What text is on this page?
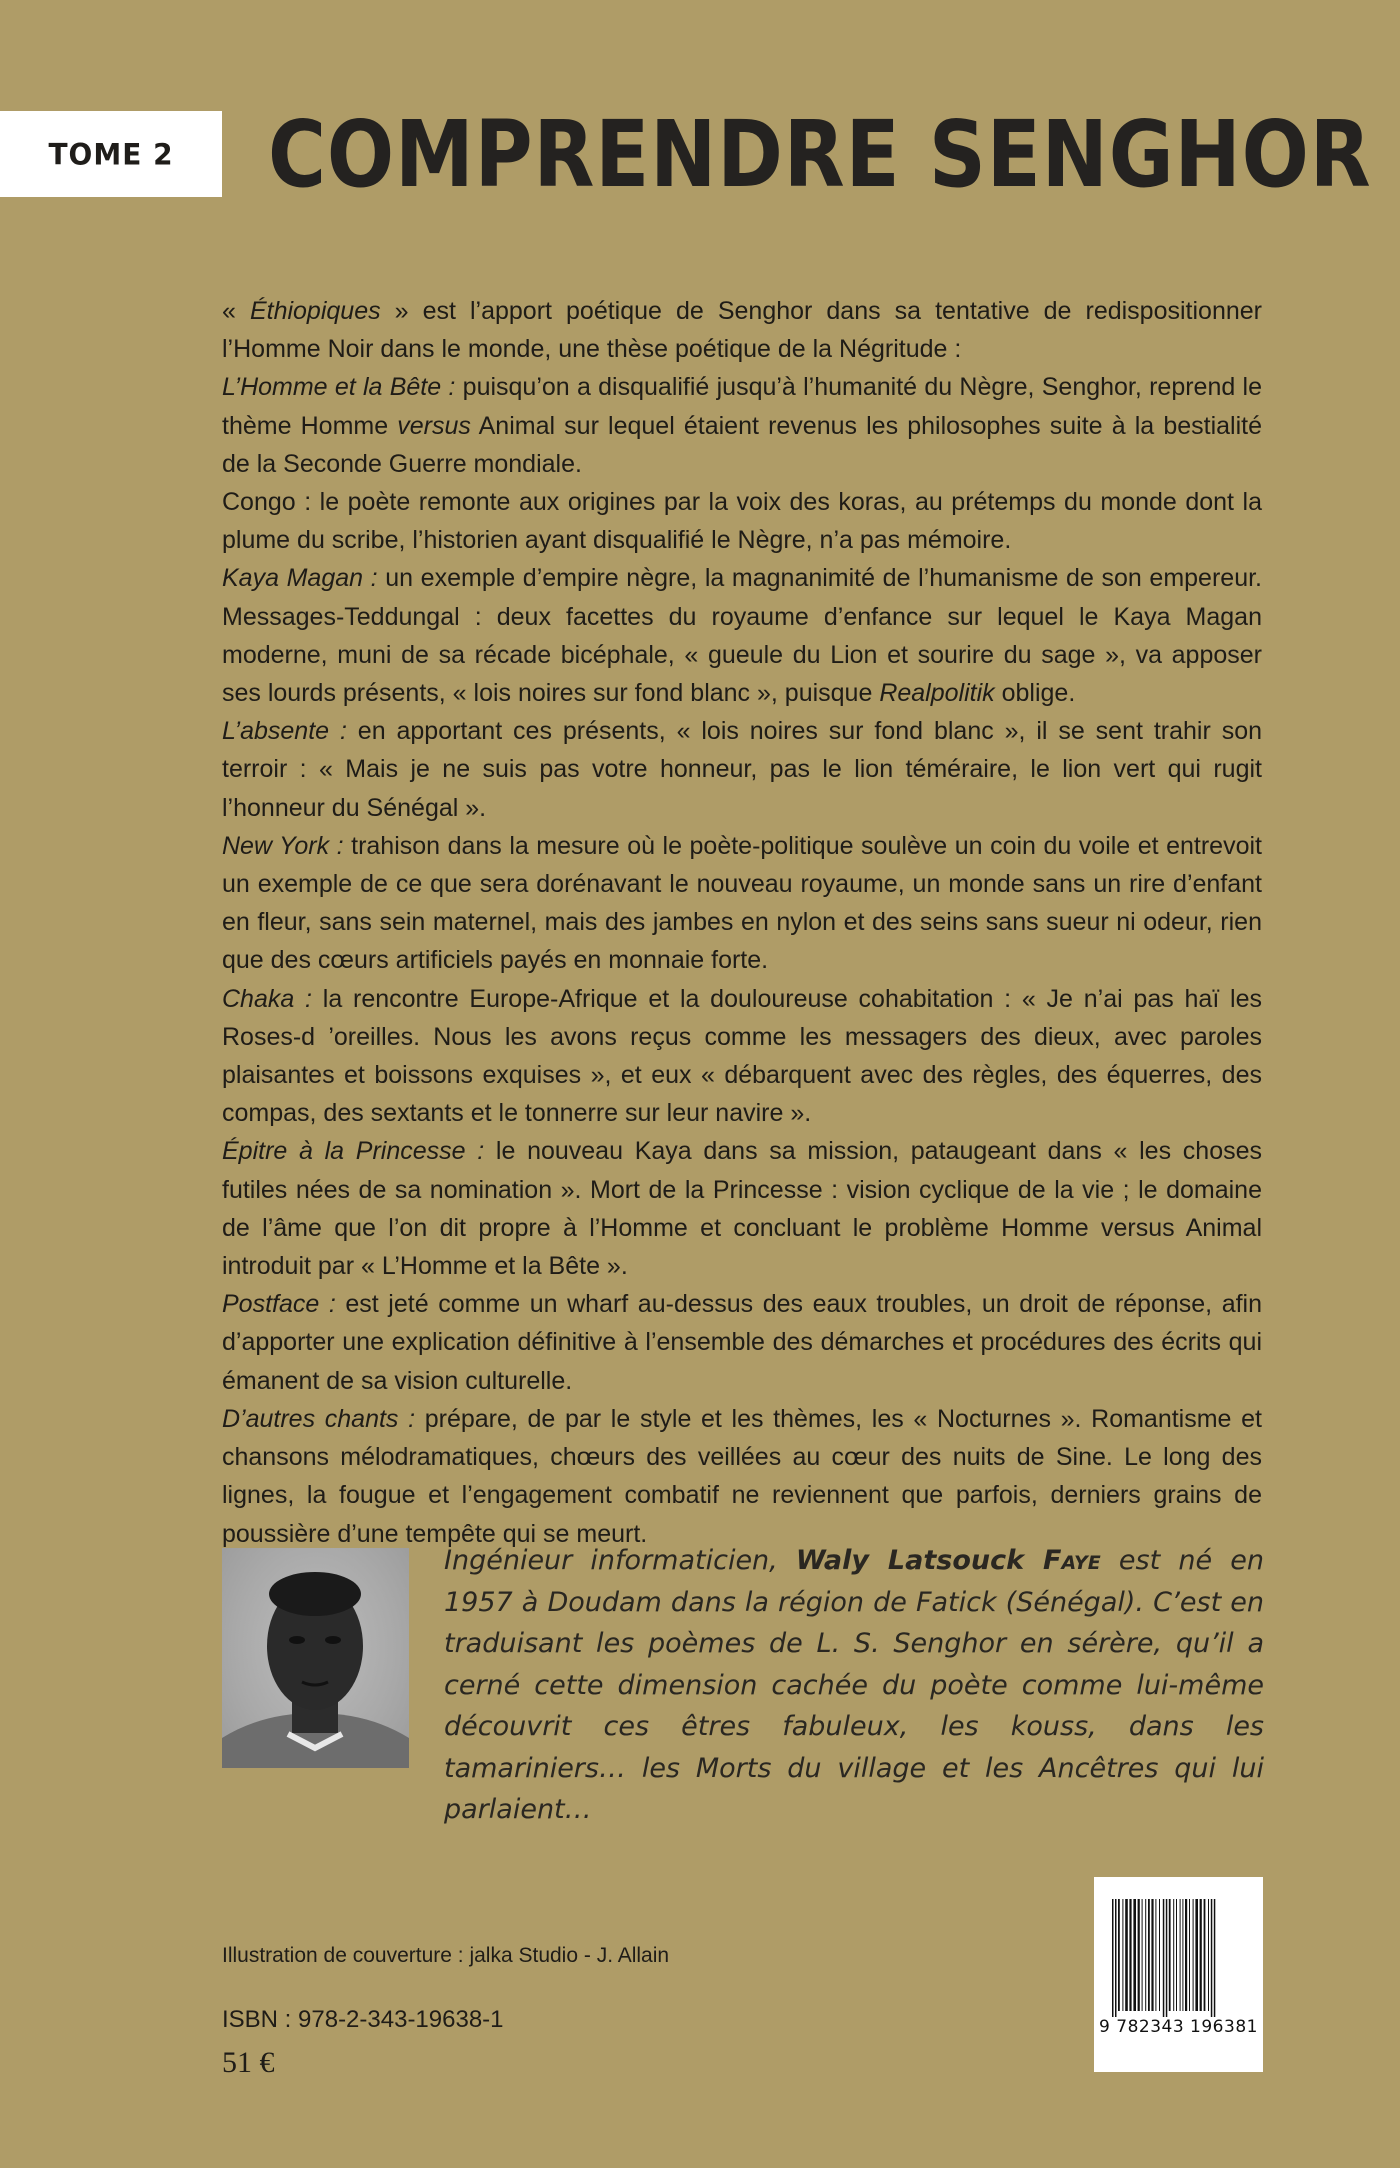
TOME 2 COMPRENDRE SENGHOR

« Éthiopiques » est l’apport poétique de Senghor dans sa tentative de redispositionner l’Homme Noir dans le monde, une thèse poétique de la Négritude :

L’Homme et la Bête : puisqu’on a disqualifié jusqu’à l’humanité du Nègre, Senghor, reprend le thème Homme versus Animal sur lequel étaient revenus les philosophes suite à la bestialité de la Seconde Guerre mondiale.

Congo : le poète remonte aux origines par la voix des koras, au prétemps du monde dont la plume du scribe, l’historien ayant disqualifié le Nègre, n’a pas mémoire.

Kaya Magan : un exemple d’empire nègre, la magnanimité de l’humanisme de son empereur. Messages-Teddungal : deux facettes du royaume d’enfance sur lequel le Kaya Magan moderne, muni de sa récade bicéphale, « gueule du Lion et sourire du sage », va apposer ses lourds présents, « lois noires sur fond blanc », puisque Realpolitik oblige.

L’absente : en apportant ces présents, « lois noires sur fond blanc », il se sent trahir son terroir : « Mais je ne suis pas votre honneur, pas le lion téméraire, le lion vert qui rugit l’honneur du Sénégal ».

New York : trahison dans la mesure où le poète-politique soulève un coin du voile et entrevoit un exemple de ce que sera dorénavant le nouveau royaume, un monde sans un rire d’enfant en fleur, sans sein maternel, mais des jambes en nylon et des seins sans sueur ni odeur, rien que des cœurs artificiels payés en monnaie forte.

Chaka : la rencontre Europe-Afrique et la douloureuse cohabitation : « Je n’ai pas haï les Roses-d ’oreilles. Nous les avons reçus comme les messagers des dieux, avec paroles plaisantes et boissons exquises », et eux « débarquent avec des règles, des équerres, des compas, des sextants et le tonnerre sur leur navire ».

Épitre à la Princesse : le nouveau Kaya dans sa mission, pataugeant dans « les choses futiles nées de sa nomination ». Mort de la Princesse : vision cyclique de la vie ; le domaine de l’âme que l’on dit propre à l’Homme et concluant le problème Homme versus Animal introduit par « L’Homme et la Bête ».

Postface : est jeté comme un wharf au-dessus des eaux troubles, un droit de réponse, afin d’apporter une explication définitive à l’ensemble des démarches et procédures des écrits qui émanent de sa vision culturelle.

D’autres chants : prépare, de par le style et les thèmes, les « Nocturnes ». Romantisme et chansons mélodramatiques, chœurs des veillées au cœur des nuits de Sine. Le long des lignes, la fougue et l’engagement combatif ne reviennent que parfois, derniers grains de poussière d’une tempête qui se meurt.

Ingénieur informaticien, Waly Latsouck Faye est né en 1957 à Doudam dans la région de Fatick (Sénégal). C’est en traduisant les poèmes de L. S. Senghor en sérère, qu’il a cerné cette dimension cachée du poète comme lui-même découvrit ces êtres fabuleux, les kouss, dans les tamariniers… les Morts du village et les Ancêtres qui lui parlaient…

Illustration de couverture : jalka Studio - J. Allain

ISBN : 978-2-343-19638-1

51 €

9 782343 196381
